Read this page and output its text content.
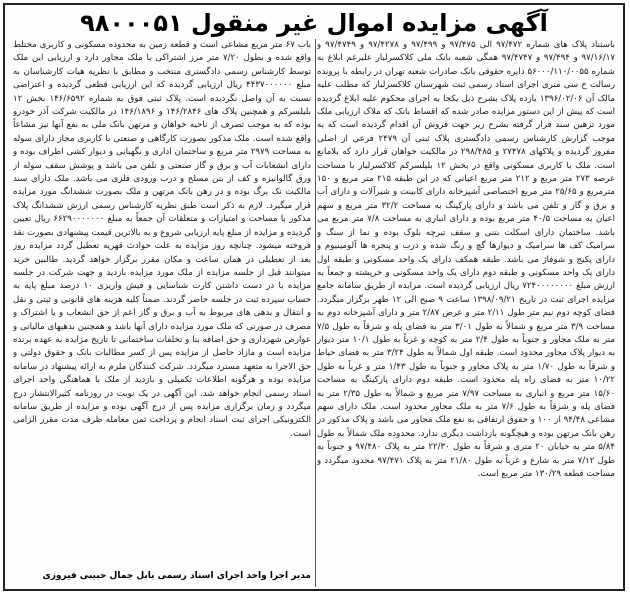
آگهی مزایده اموال غیر منقول ۹۸۰۰۰۵۱
باستناد پلاک های شماره ۹۷/۴۷۲ الی ۹۷/۴۷۵ و ۹۷/۴۹۹ و ۹۷/۴۲۷۸ و ۹۷/۴۷۴۹ و ۹۷/۱۶/۱۷ و ۹۷/۴۹۴ و ۹۷/۴۷۴۷ همگی شعبه بانک ملی کلاکسرلبار علیرغم ابلاغ به شماره ۵۶۰۰۰/۱۱۰/۰۰۵۵ دایره حقوقی بانک صادرات شعبه تهران در رابطه با پرونده رسالت خ سی متری اجرای اسناد رسمی ثبت شهرستان کلاکسرلبار که مطلب علیه مالک آن ۱۳۹۶/۰۲/۰۶ یازده پلاک بشرح ذیل یکجا به اجرای محکوم علیه ابلاغ گردیده است که پیش از این دستور مزایده صادر شده که اقساط بانک که ملاک ارزیابی ملک مورد ترهین سند قرار گرفته بشرح زیر جهت فروش آن اقدام گردیده است که به موجب گزارش کارشناس رسمی دادگستری پلاک ثبتی آن ۲۴۷۹ فرعی از اصلی مفروز گردیده و پلاکهای ۲۷۴۷۸ و ۲۹۸/۴۸۵ در مالکیت خواهان قرار دارد که بلامانع است. ملک با کاربری مسکونی واقع در بخش ۱۲ بلیلسرکم کلاکسرلبار با مساحت عرصه ۲۷۳ متر مربع و ۲۱۲ متر مربع اعیانی که در این طبقه ۲۱۵ متر مربع و ۱۵۰ مترمربع و ۲۵/۶۵ متر مربع اختصاصی آشپزخانه دارای کابینت و شیرآلات و دارای آب و برق و گاز و تلفن می باشد و دارای پارکینگ به مساحت ۳۲/۲ متر مربع و سهم اعیان به مساحت ۴۰/۵ متر مربع بوده و دارای انباری به مساحت ۷/۸ متر مربع می باشد. ساختمان دارای اسکلت بتنی و سقف تیرچه بلوک بوده و نما از سنگ و سرامیک کف ها سرامیک و دیوارها گچ و رنگ شده و درب و پنجره ها آلومینیوم و دارای پکیج و شوفاژ می باشد. طبقه همکف دارای یک واحد مسکونی و طبقه اول دارای یک واحد مسکونی و طبقه دوم دارای یک واحد مسکونی و خرپشته و جمعاً به ارزش مبلغ ۷۲۴۰۰۰۰۰۰۰۰ ریال ارزیابی گردیده است. مزایده از طریق سامانه جامع مزایده اجرای ثبت در تاریخ ۱۳۹۸/۰۹/۲۱ ساعت ۹ صبح الی ۱۲ ظهر برگزار میگردد. فضای کوچه دوم نیم متر طول ۲/۱۱ متر و عرض ۲/۸۷ متر و دارای آشپزخانه دوم به مساحت ۳/۹ متر مربع و شمالاً به طول ۳/۰۱ متر به فضای پله و شرقاً به طول ۷/۵ متر به ملک مجاور و جنوباً به طول ۲/۴ متر به کوچه و غرباً به طول ۱۰/۱ متر دیوار به دیوار پلاک مجاور محدود است. طبقه اول شمالاً به طول ۳/۲۴ متر به فضای حیاط و شرقاً به طول ۱/۷۰ متر به پلاک مجاور و جنوباً به طول ۱/۴۳ متر و غرباً به طول ۱۰/۲۲ متر به فضای راه پله محدود است. طبقه دوم دارای پارکینگ به مساحت ۱۵/۶۰ متر مربع و انباری به مساحت ۷/۹۷ متر مربع و شمالاً به طول ۲/۳۵ متر به فضای پله و شرقاً به طول ۷/۶ متر به ملک مجاور محدود است. ملک دارای سهم مشاعی ۹۴/۴۸ از ۱۰۰ و حقوق ارتفاقی به نفع ملک مجاور می باشد و پلاک مذکور در رهن بانک مرتهن بوده و هیچگونه بازداشت دیگری ندارد. محدوده ملک شمالاً به طول ۵/۸۴ متر به خیابان ۲۰ متری و شرقاً به طول ۲۲/۳۰ متر به پلاک ۹۷/۴۸۰ و جنوباً به طول ۷/۱۲ متر به شارع و غرباً به طول ۲۱/۸۰ متر به پلاک ۹۷/۴۷۱ محدود میگردد و مساحت قطعه ۱۳۰/۲۹ متر مربع است.
باب ۶۷ متر مربع مشاعی است و قطعه زمین به محدوده مسکونی و کاربری مختلط واقع شده و بطول ۷/۲۰ متر مرز اشتراکی با ملک مجاور دارد و ارزیابی این ملک توسط کارشناس رسمی دادگستری منتخب و مطابق با نظریه هیات کارشناسان به مبلغ ۴۴۳۷۰۰۰۰۰۰ ریال ارزیابی گردیده که این ارزیابی قطعی گردیده و اعتراضی نسبت به آن واصل نگردیده است. پلاک ثبتی فوق به شماره ۱۴۶/۶۵۹۲ بخش ۱۲ بلیلسرکم و همچنین پلاک های ۱۴۶/۲۸۴۶ و ۱۴۶/۱۸۹۶ در مالکیت شرکت آذر خودرو بوده که به موجب تصرف از ناحیه خواهان و مرتهن بانک ملی به نفع آنها نیز مشاعاً واقع شده است. ملک مذکور بصورت کارگاهی و صنعتی با کاربری مجاز دارای سوله به مساحت ۲۹۷۹ متر مربع و ساختمان اداری و نگهبانی و دیوار کشی اطراف بوده و دارای انشعابات آب و برق و گاز صنعتی و تلفن می باشد و پوشش سقف سوله از ورق گالوانیزه و کف از بتن مسلح و درب ورودی فلزی می باشد. ملک دارای سند مالکیت تک برگ بوده و در رهن بانک مرتهن و ملک بصورت ششدانگ مورد مزایده قرار میگیرد. لازم به ذکر است طبق نظریه کارشناس رسمی ارزش ششدانگ پلاک مذکور با مساحت و امتیازات و متعلقات آن جمعاً به مبلغ ۶۶۲۹۰۰۰۰۰۰۰ ریال تعیین گردیده و مزایده از مبلغ پایه ارزیابی شروع و به بالاترین قیمت پیشنهادی بصورت نقد فروخته میشود. چنانچه روز مزایده به علت حوادث قهریه تعطیل گردد مزایده روز بعد از تعطیلی در همان ساعت و مکان مقرر برگزار خواهد گردید. طالبین خرید میتوانند قبل از جلسه مزایده از ملک مورد مزایده بازدید و جهت شرکت در جلسه مزایده با در دست داشتن کارت شناسایی و فیش واریزی ۱۰ درصد مبلغ پایه به حساب سپرده ثبت در جلسه حاضر گردند. ضمناً کلیه هزینه های قانونی و ثبتی و نقل و انتقال و بدهی های مربوط به آب و برق و گاز اعم از حق انشعاب و یا اشتراک و مصرف در صورتی که ملک مورد مزایده دارای آنها باشد و همچنین بدهیهای مالیاتی و عوارض شهرداری و حق اضافه بنا و تخلفات ساختمانی تا تاریخ مزایده به عهده برنده مزایده است و مازاد حاصل از مزایده پس از کسر مطالبات بانک و حقوق دولتی و حق الاجرا به متعهد مسترد میگردد. شرکت کنندگان ملزم به ارائه پیشنهاد در سامانه مزایده بوده و هرگونه اطلاعات تکمیلی و بازدید از ملک با هماهنگی واحد اجرای اسناد رسمی انجام خواهد شد. این آگهی در یک نوبت در روزنامه کثیرالانتشار درج میگردد و زمان برگزاری مزایده پس از درج آگهی بوده و مزایده از طریق سامانه الکترونیکی اجرای ثبت اسناد انجام و پرداخت ثمن معامله ظرف مدت مقرر الزامی است.
مدیر اجرا واحد اجرای اسناد رسمی بابل جمال حبیبی فیروزی
